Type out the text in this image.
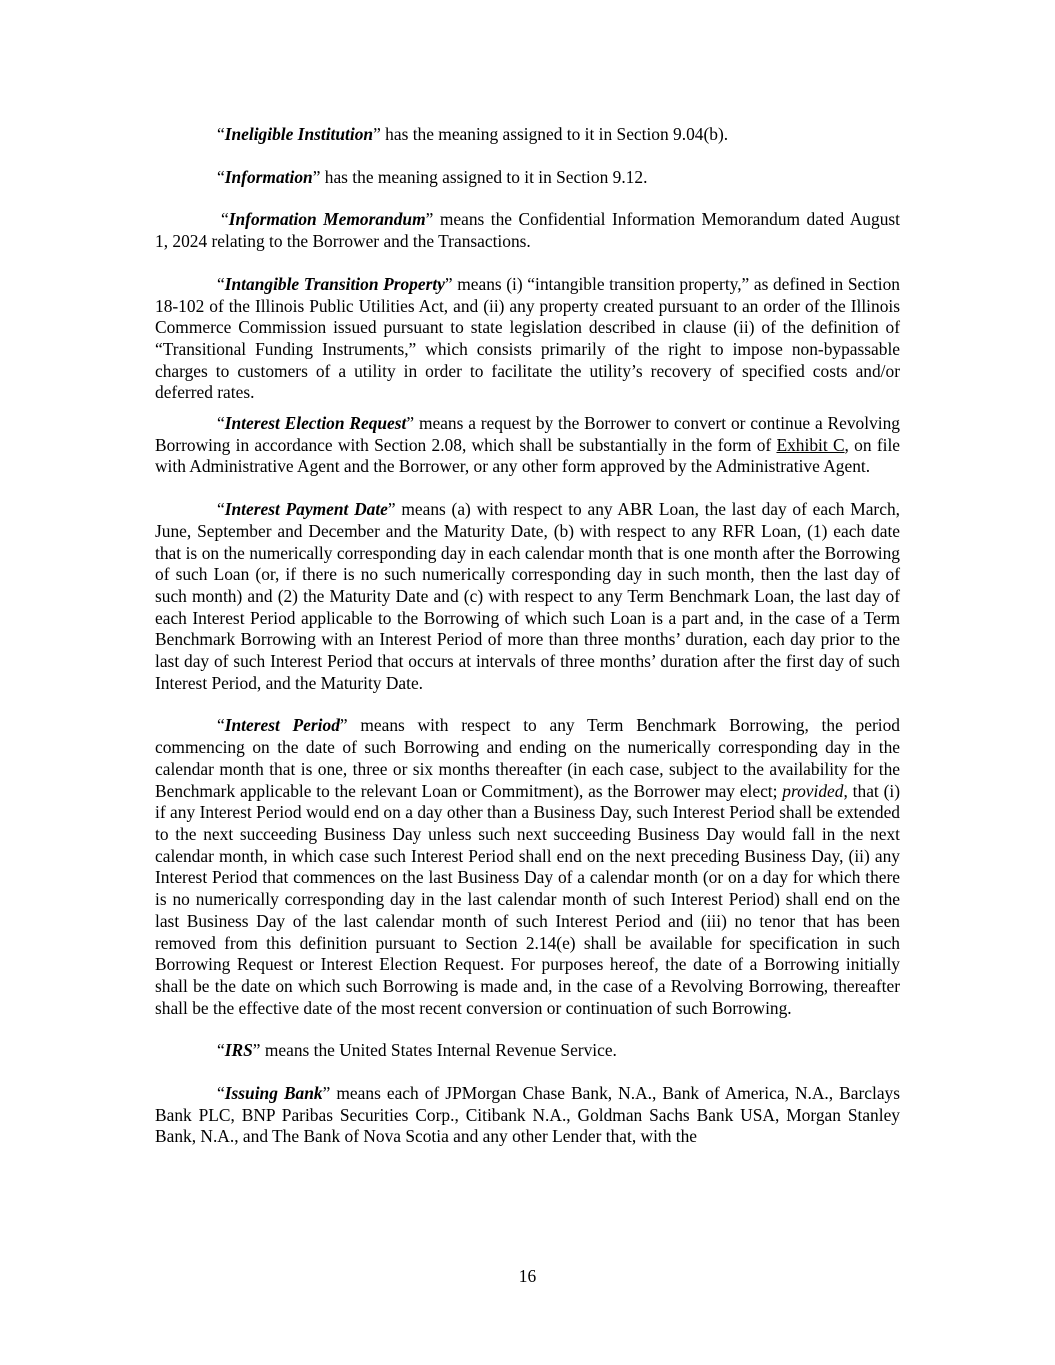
“Ineligible Institution” has the meaning assigned to it in Section 9.04(b).

“Information” has the meaning assigned to it in Section 9.12.

“Information Memorandum” means the Confidential Information Memorandum dated August 1, 2024 relating to the Borrower and the Transactions.

“Intangible Transition Property” means (i) “intangible transition property,” as defined in Section 18-102 of the Illinois Public Utilities Act, and (ii) any property created pursuant to an order of the Illinois Commerce Commission issued pursuant to state legislation described in clause (ii) of the definition of “Transitional Funding Instruments,” which consists primarily of the right to impose non-bypassable charges to customers of a utility in order to facilitate the utility’s recovery of specified costs and/or deferred rates.

“Interest Election Request” means a request by the Borrower to convert or continue a Revolving Borrowing in accordance with Section 2.08, which shall be substantially in the form of Exhibit C, on file with Administrative Agent and the Borrower, or any other form approved by the Administrative Agent.

“Interest Payment Date” means (a) with respect to any ABR Loan, the last day of each March, June, September and December and the Maturity Date, (b) with respect to any RFR Loan, (1) each date that is on the numerically corresponding day in each calendar month that is one month after the Borrowing of such Loan (or, if there is no such numerically corresponding day in such month, then the last day of such month) and (2) the Maturity Date and (c) with respect to any Term Benchmark Loan, the last day of each Interest Period applicable to the Borrowing of which such Loan is a part and, in the case of a Term Benchmark Borrowing with an Interest Period of more than three months’ duration, each day prior to the last day of such Interest Period that occurs at intervals of three months’ duration after the first day of such Interest Period, and the Maturity Date.

“Interest Period” means with respect to any Term Benchmark Borrowing, the period commencing on the date of such Borrowing and ending on the numerically corresponding day in the calendar month that is one, three or six months thereafter (in each case, subject to the availability for the Benchmark applicable to the relevant Loan or Commitment), as the Borrower may elect; provided, that (i) if any Interest Period would end on a day other than a Business Day, such Interest Period shall be extended to the next succeeding Business Day unless such next succeeding Business Day would fall in the next calendar month, in which case such Interest Period shall end on the next preceding Business Day, (ii) any Interest Period that commences on the last Business Day of a calendar month (or on a day for which there is no numerically corresponding day in the last calendar month of such Interest Period) shall end on the last Business Day of the last calendar month of such Interest Period and (iii) no tenor that has been removed from this definition pursuant to Section 2.14(e) shall be available for specification in such Borrowing Request or Interest Election Request. For purposes hereof, the date of a Borrowing initially shall be the date on which such Borrowing is made and, in the case of a Revolving Borrowing, thereafter shall be the effective date of the most recent conversion or continuation of such Borrowing.

“IRS” means the United States Internal Revenue Service.

“Issuing Bank” means each of JPMorgan Chase Bank, N.A., Bank of America, N.A., Barclays Bank PLC, BNP Paribas Securities Corp., Citibank N.A., Goldman Sachs Bank USA, Morgan Stanley Bank, N.A., and The Bank of Nova Scotia and any other Lender that, with the

16
